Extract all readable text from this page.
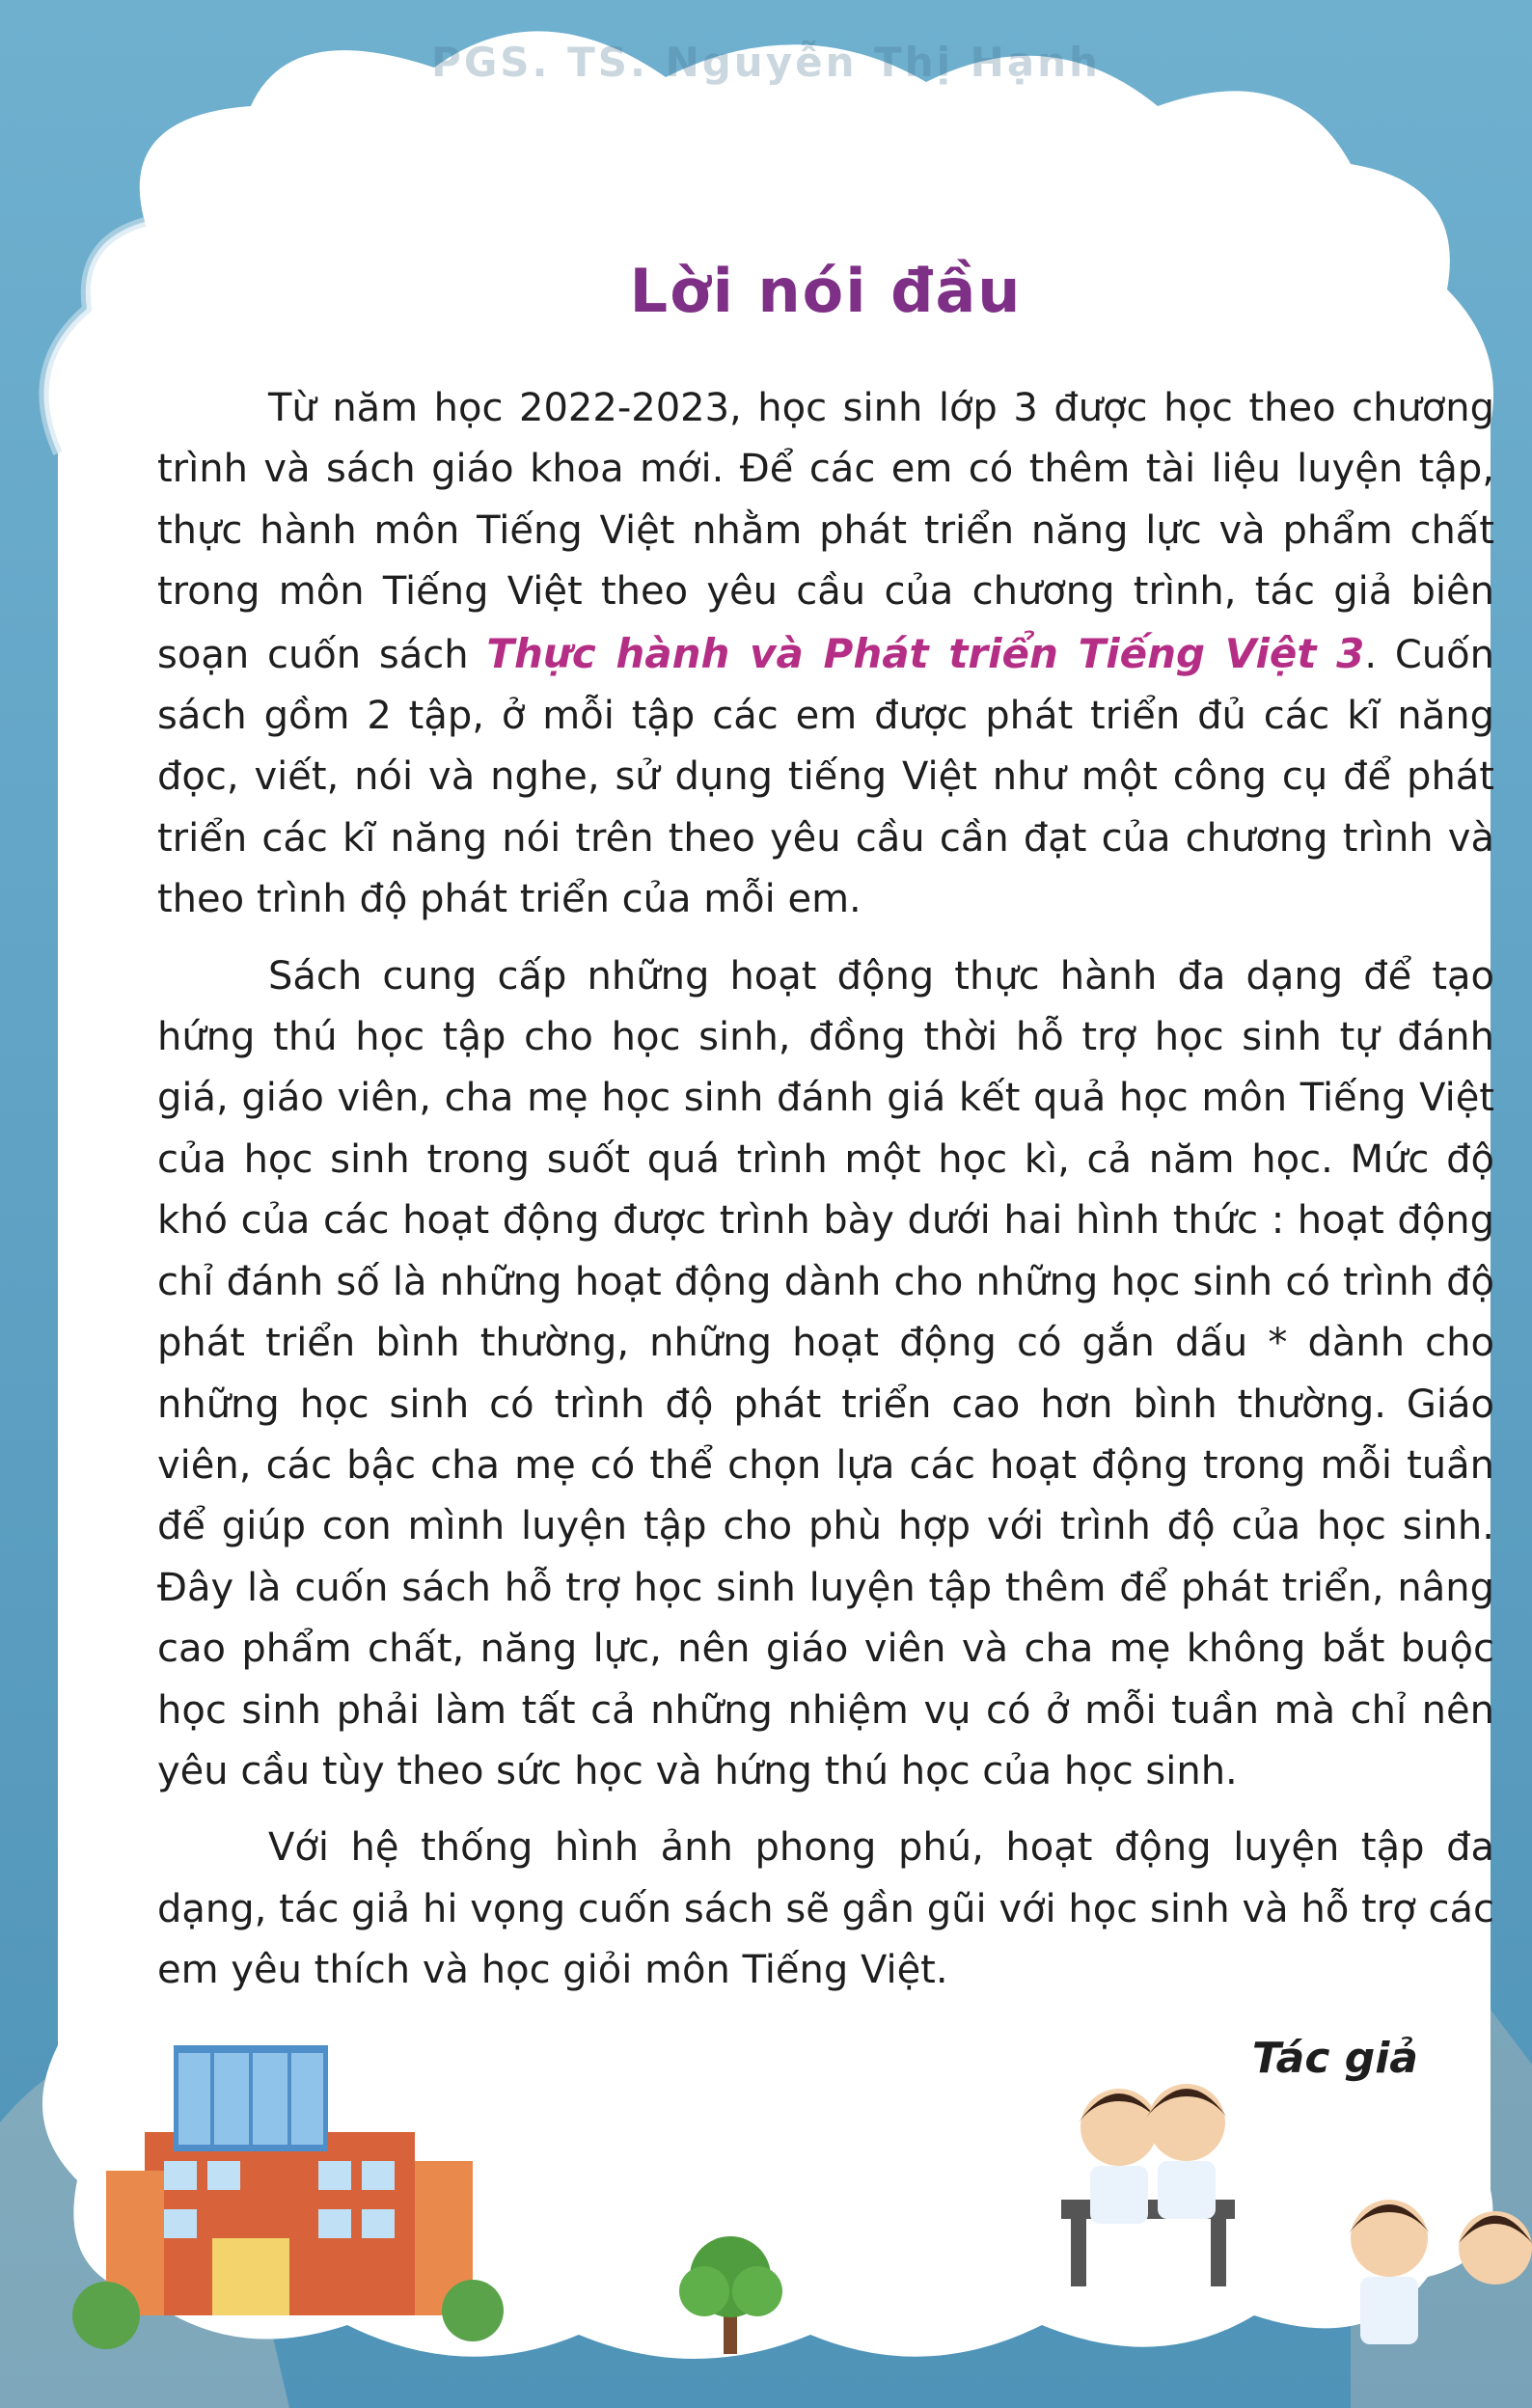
PGS. TS. Nguyễn Thị Hạnh
Lời nói đầu

Từ năm học 2022-2023, học sinh lớp 3 được học theo chương trình và sách giáo khoa mới. Để các em có thêm tài liệu luyện tập, thực hành môn Tiếng Việt nhằm phát triển năng lực và phẩm chất trong môn Tiếng Việt theo yêu cầu của chương trình, tác giả biên soạn cuốn sách Thực hành và Phát triển Tiếng Việt 3. Cuốn sách gồm 2 tập, ở mỗi tập các em được phát triển đủ các kĩ năng đọc, viết, nói và nghe, sử dụng tiếng Việt như một công cụ để phát triển các kĩ năng nói trên theo yêu cầu cần đạt của chương trình và theo trình độ phát triển của mỗi em.

Sách cung cấp những hoạt động thực hành đa dạng để tạo hứng thú học tập cho học sinh, đồng thời hỗ trợ học sinh tự đánh giá, giáo viên, cha mẹ học sinh đánh giá kết quả học môn Tiếng Việt của học sinh trong suốt quá trình một học kì, cả năm học. Mức độ khó của các hoạt động được trình bày dưới hai hình thức : hoạt động chỉ đánh số là những hoạt động dành cho những học sinh có trình độ phát triển bình thường, những hoạt động có gắn dấu * dành cho những học sinh có trình độ phát triển cao hơn bình thường. Giáo viên, các bậc cha mẹ có thể chọn lựa các hoạt động trong mỗi tuần để giúp con mình luyện tập cho phù hợp với trình độ của học sinh. Đây là cuốn sách hỗ trợ học sinh luyện tập thêm để phát triển, nâng cao phẩm chất, năng lực, nên giáo viên và cha mẹ không bắt buộc học sinh phải làm tất cả những nhiệm vụ có ở mỗi tuần mà chỉ nên yêu cầu tùy theo sức học và hứng thú học của học sinh.

Với hệ thống hình ảnh phong phú, hoạt động luyện tập đa dạng, tác giả hi vọng cuốn sách sẽ gần gũi với học sinh và hỗ trợ các em yêu thích và học giỏi môn Tiếng Việt.

Tác giả
